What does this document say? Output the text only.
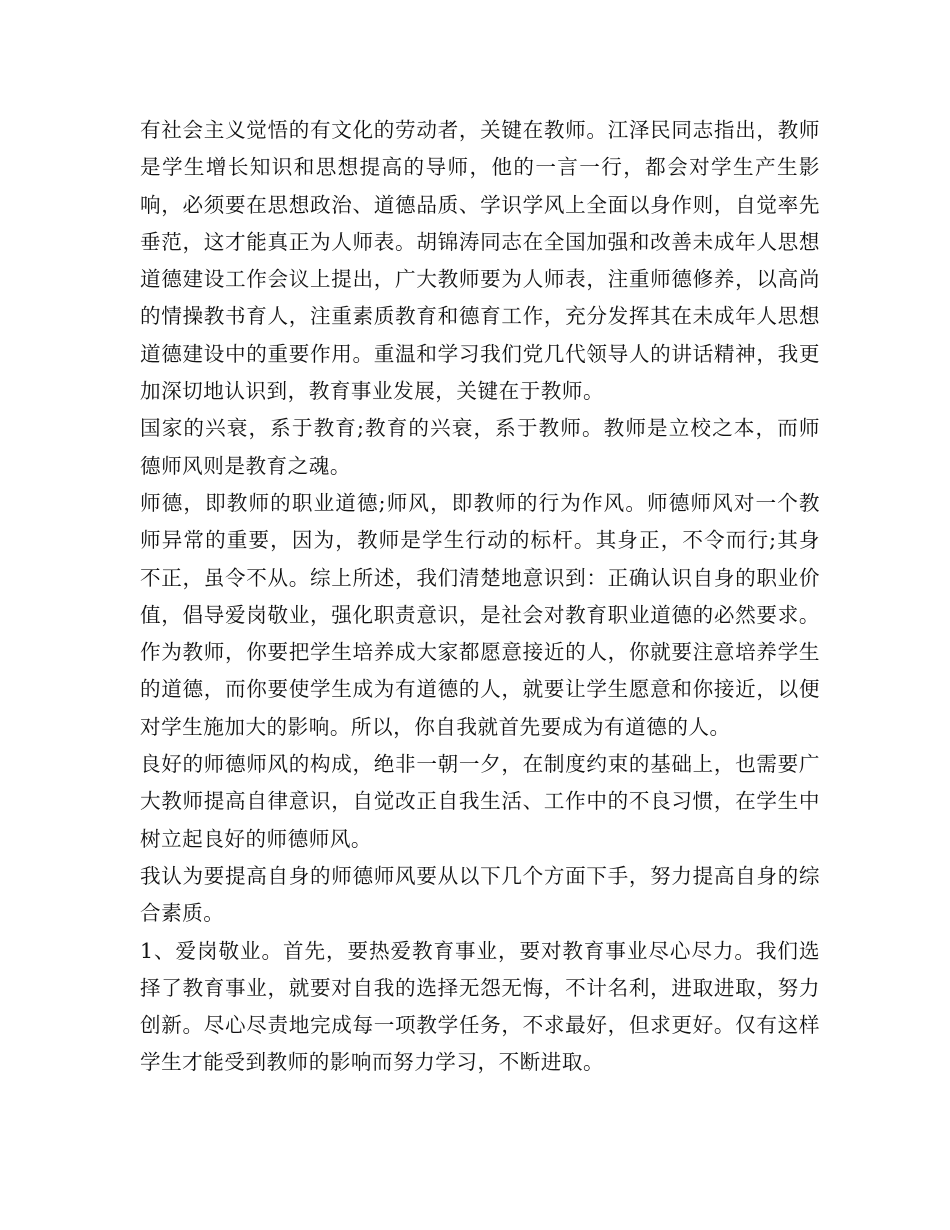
有社会主义觉悟的有文化的劳动者，关键在教师。江泽民同志指出，教师是学生增长知识和思想提高的导师，他的一言一行，都会对学生产生影响，必须要在思想政治、道德品质、学识学风上全面以身作则，自觉率先垂范，这才能真正为人师表。胡锦涛同志在全国加强和改善未成年人思想道德建设工作会议上提出，广大教师要为人师表，注重师德修养，以高尚的情操教书育人，注重素质教育和德育工作，充分发挥其在未成年人思想道德建设中的重要作用。重温和学习我们党几代领导人的讲话精神，我更加深切地认识到，教育事业发展，关键在于教师。

国家的兴衰，系于教育;教育的兴衰，系于教师。教师是立校之本，而师德师风则是教育之魂。

师德，即教师的职业道德;师风，即教师的行为作风。师德师风对一个教师异常的重要，因为，教师是学生行动的标杆。其身正，不令而行;其身不正，虽令不从。综上所述，我们清楚地意识到：正确认识自身的职业价值，倡导爱岗敬业，强化职责意识，是社会对教育职业道德的必然要求。作为教师，你要把学生培养成大家都愿意接近的人，你就要注意培养学生的道德，而你要使学生成为有道德的人，就要让学生愿意和你接近，以便对学生施加大的影响。所以，你自我就首先要成为有道德的人。

良好的师德师风的构成，绝非一朝一夕，在制度约束的基础上，也需要广大教师提高自律意识，自觉改正自我生活、工作中的不良习惯，在学生中树立起良好的师德师风。

我认为要提高自身的师德师风要从以下几个方面下手，努力提高自身的综合素质。

1、爱岗敬业。首先，要热爱教育事业，要对教育事业尽心尽力。我们选择了教育事业，就要对自我的选择无怨无悔，不计名利，进取进取，努力创新。尽心尽责地完成每一项教学任务，不求最好，但求更好。仅有这样学生才能受到教师的影响而努力学习，不断进取。
